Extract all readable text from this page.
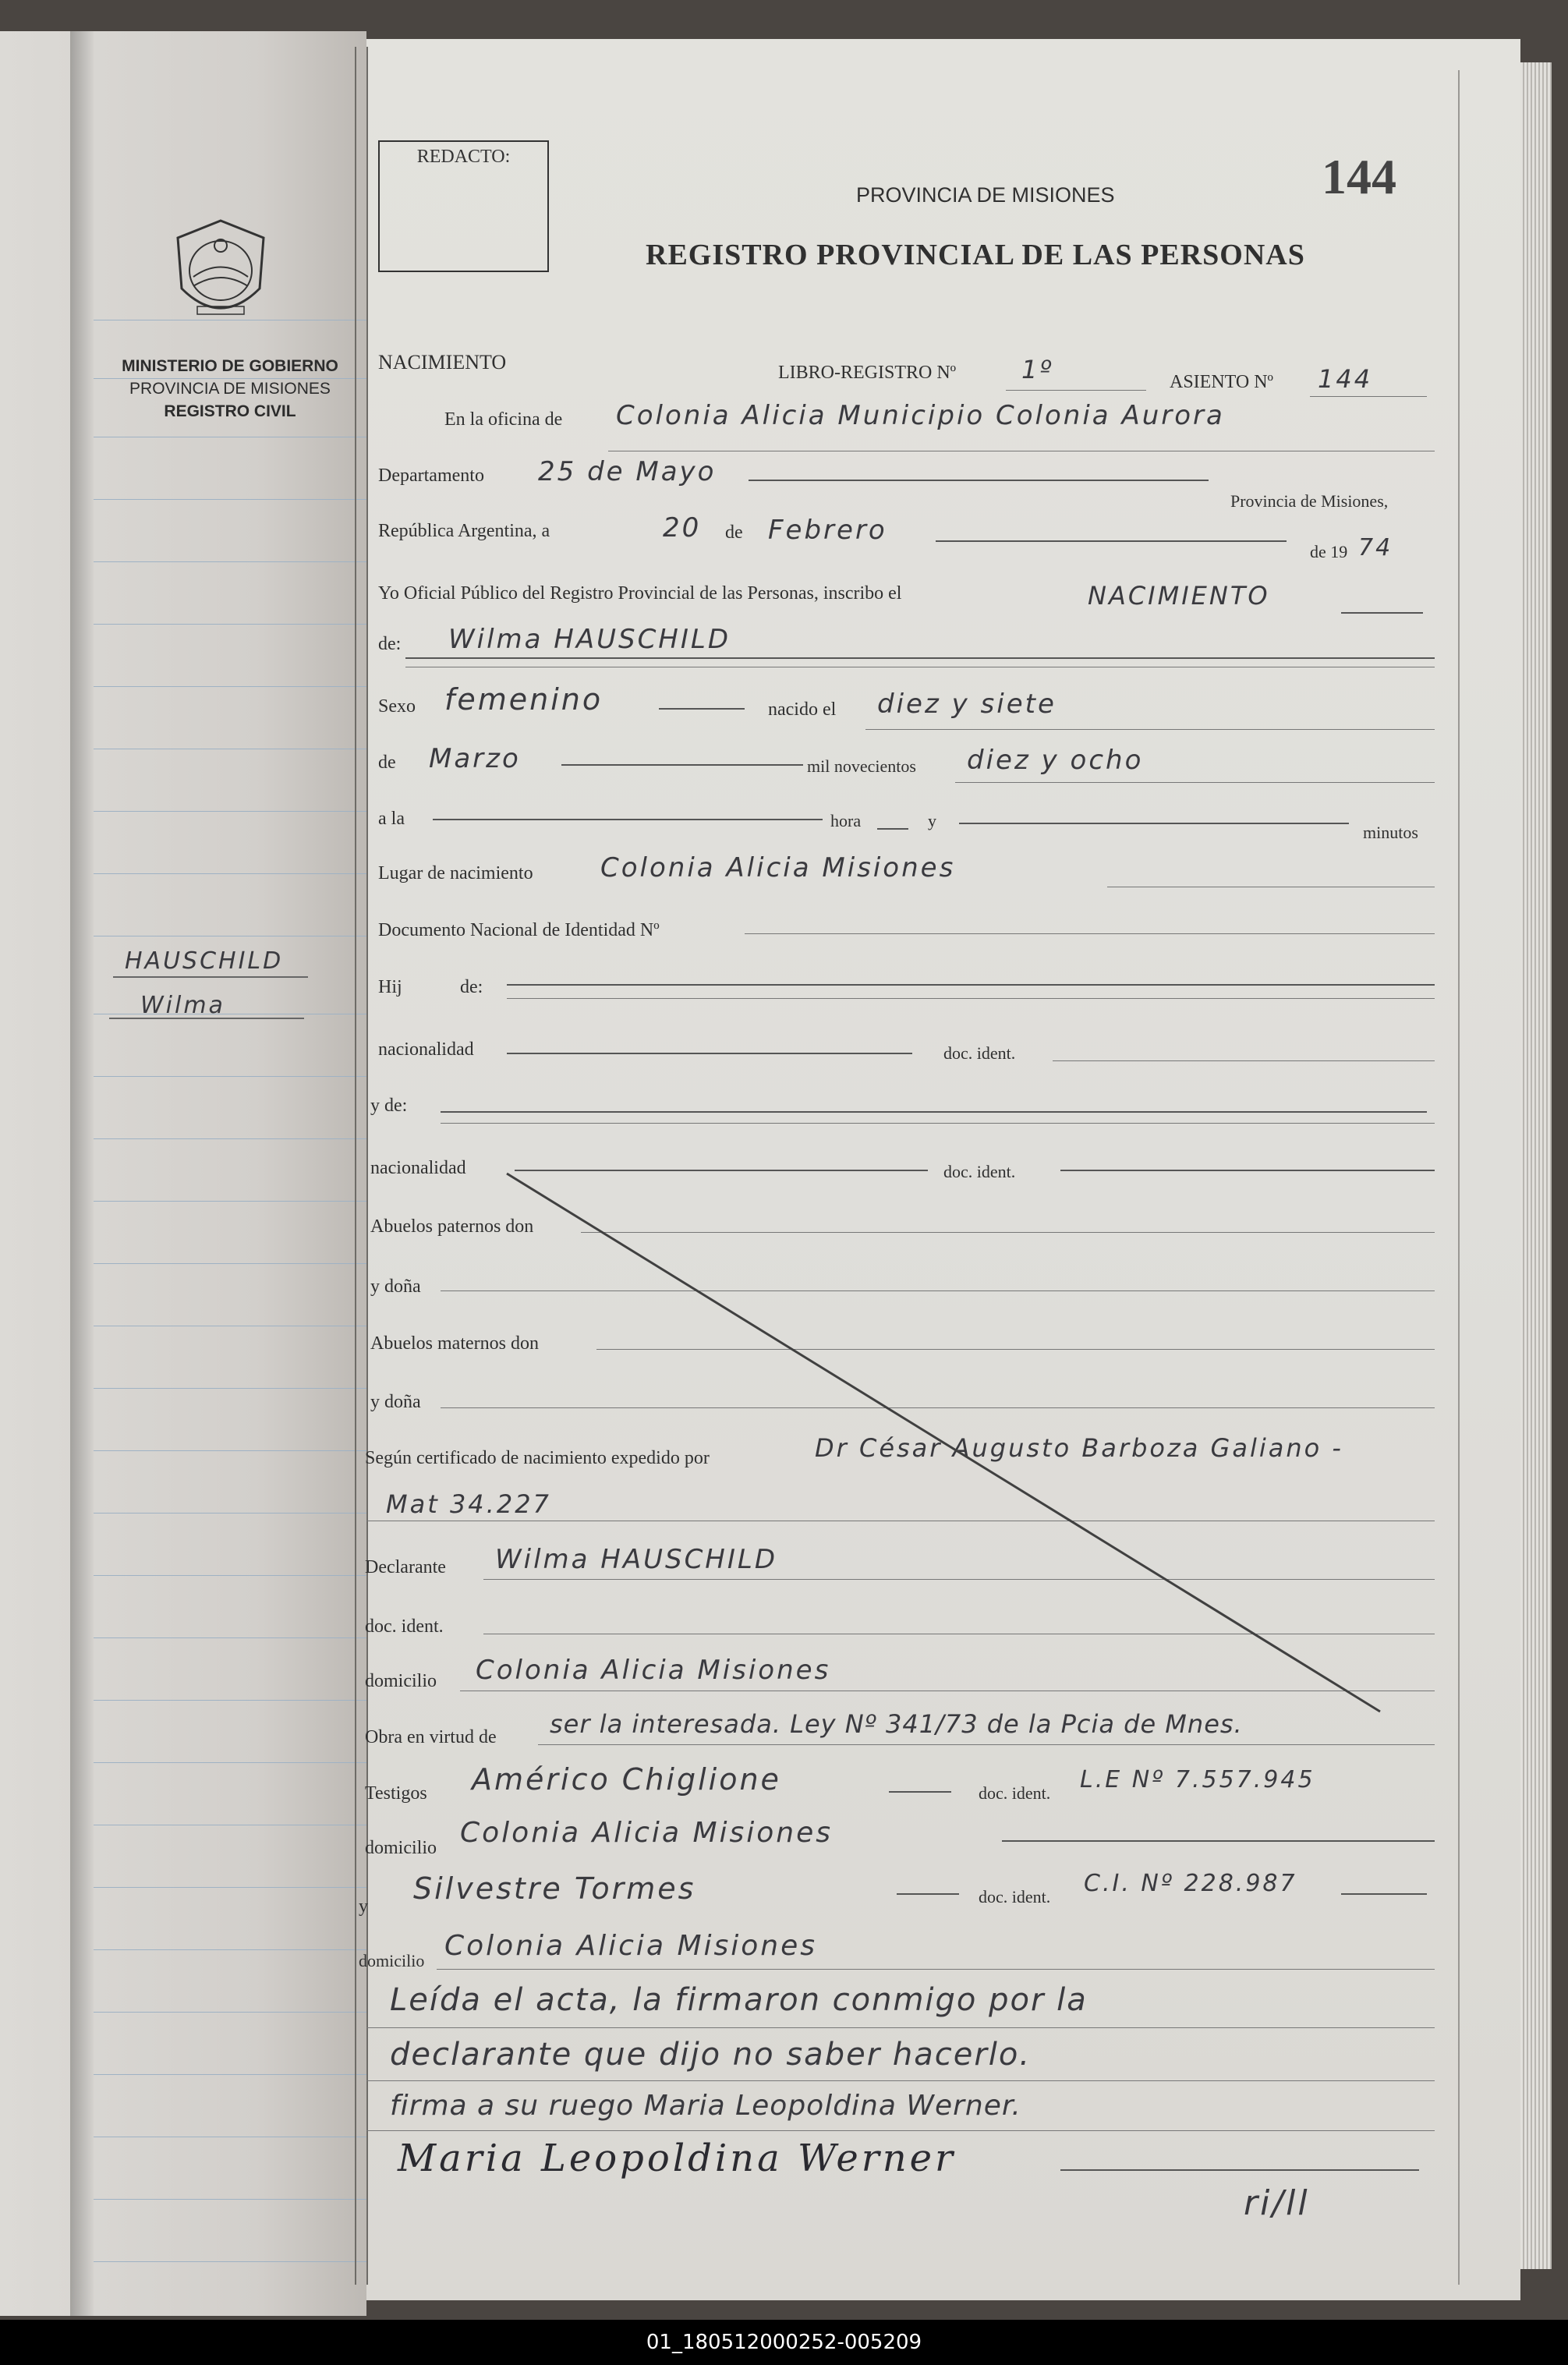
MINISTERIO DE GOBIERNO
PROVINCIA DE MISIONES
REGISTRO CIVIL
HAUSCHILD
Wilma
REDACTO:
PROVINCIA DE MISIONES
REGISTRO PROVINCIAL DE LAS PERSONAS
144
NACIMIENTO	LIBRO-REGISTRO Nº	1º	ASIENTO Nº 144
En la oficina de Colonia Alicia Municipio Colonia Aurora
Departamento 25 de Mayo
Provincia de Misiones,
República Argentina, a	20 de Febrero
de 19 74
Yo Oficial Público del Registro Provincial de las Personas, inscribo el	NACIMIENTO
de: Wilma HAUSCHILD
Sexo femenino	nacido el diez y siete
de Marzo	mil novecientos diez y ocho
a la	hora	y
minutos
Lugar de nacimiento	Colonia Alicia Misiones
Documento Nacional de Identidad Nº
Hij	de:
nacionalidad	doc. ident.
y de:
nacionalidad	doc. ident.
Abuelos paternos don
y doña
Abuelos maternos don
y doña
Según certificado de nacimiento expedido por	Dr César Augusto Barboza Galiano -
Mat 34.227
Declarante Wilma HAUSCHILD
doc. ident.
domicilio Colonia Alicia Misiones
Obra en virtud de ser la interesada. Ley Nº 341/73 de la Pcia de Mnes.
Testigos Américo Chiglione	doc. ident. L.E Nº 7.557.945
domicilio Colonia Alicia Misiones
y
Silvestre Tormes	doc. ident. C.I. Nº 228.987
domicilio Colonia Alicia Misiones
Leída el acta, la firmaron conmigo por la
declarante que dijo no saber hacerlo.
firma a su ruego Maria Leopoldina Werner.
Maria Leopoldina Werner
ri/ll
01_180512000252-005209
